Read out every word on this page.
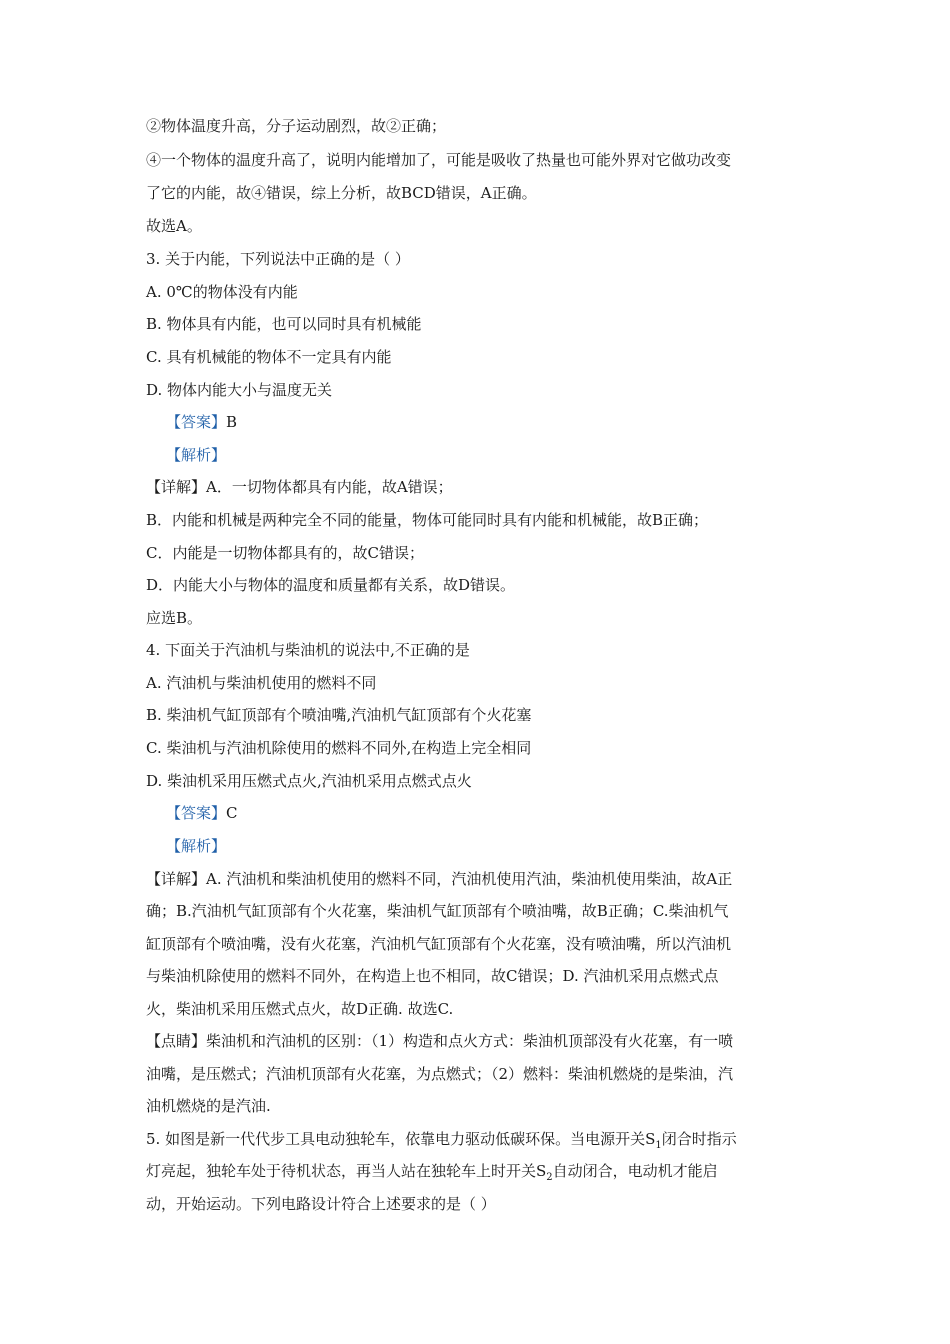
②物体温度升高，分子运动剧烈，故②正确；
④一个物体的温度升高了，说明内能增加了，可能是吸收了热量也可能外界对它做功改变
了它的内能，故④错误，综上分析，故BCD错误，A正确。
故选A。
3. 关于内能，下列说法中正确的是（ ）
A. 0℃的物体没有内能
B. 物体具有内能，也可以同时具有机械能
C. 具有机械能的物体不一定具有内能
D. 物体内能大小与温度无关
【答案】B
【解析】
【详解】A．一切物体都具有内能，故A错误；
B．内能和机械是两种完全不同的能量，物体可能同时具有内能和机械能，故B正确；
C．内能是一切物体都具有的，故C错误；
D．内能大小与物体的温度和质量都有关系，故D错误。
应选B。
4. 下面关于汽油机与柴油机的说法中,不正确的是
A. 汽油机与柴油机使用的燃料不同
B. 柴油机气缸顶部有个喷油嘴,汽油机气缸顶部有个火花塞
C. 柴油机与汽油机除使用的燃料不同外,在构造上完全相同
D. 柴油机采用压燃式点火,汽油机采用点燃式点火
【答案】C
【解析】
【详解】A. 汽油机和柴油机使用的燃料不同，汽油机使用汽油，柴油机使用柴油，故A正
确；B.汽油机气缸顶部有个火花塞，柴油机气缸顶部有个喷油嘴，故B正确；C.柴油机气
缸顶部有个喷油嘴，没有火花塞，汽油机气缸顶部有个火花塞，没有喷油嘴，所以汽油机
与柴油机除使用的燃料不同外，在构造上也不相同，故C错误；D. 汽油机采用点燃式点
火，柴油机采用压燃式点火，故D正确. 故选C.
【点睛】柴油机和汽油机的区别：（1）构造和点火方式：柴油机顶部没有火花塞，有一喷
油嘴，是压燃式；汽油机顶部有火花塞，为点燃式；（2）燃料：柴油机燃烧的是柴油，汽
油机燃烧的是汽油.
5. 如图是新一代代步工具电动独轮车，依靠电力驱动低碳环保。当电源开关$S_1$闭合时指示
灯亮起，独轮车处于待机状态，再当人站在独轮车上时开关$S_2$自动闭合，电动机才能启
动，开始运动。下列电路设计符合上述要求的是（ ）
